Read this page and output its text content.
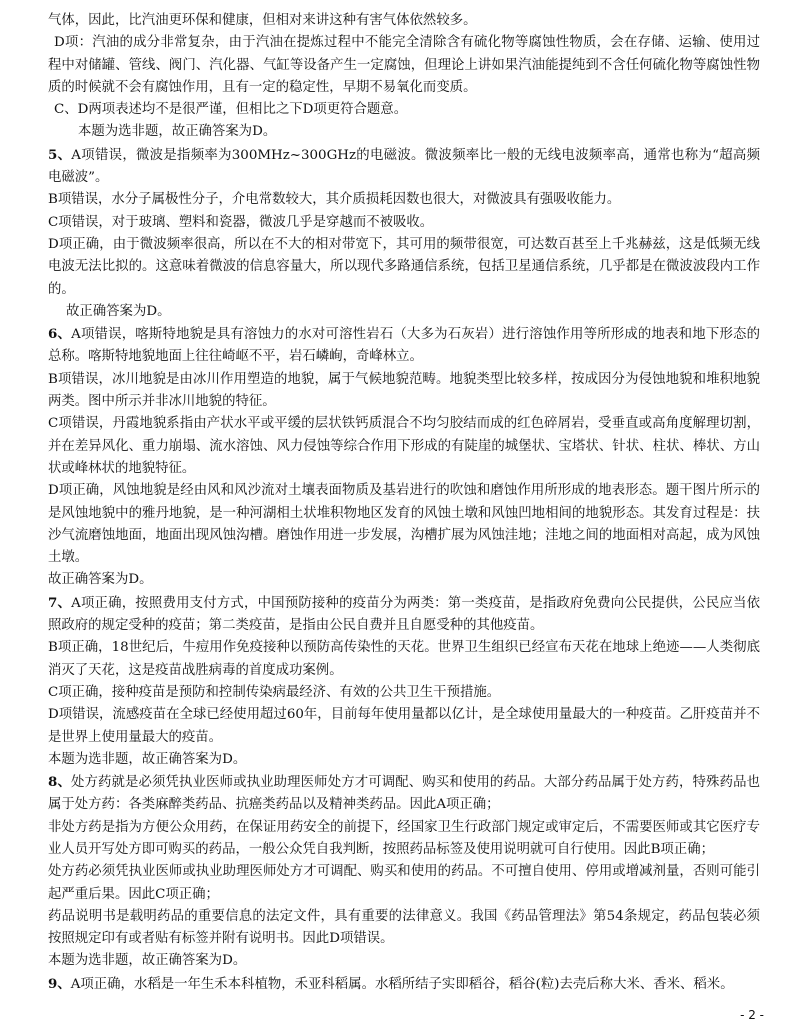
气体，因此，比汽油更环保和健康，但相对来讲这种有害气体依然较多。

D项：汽油的成分非常复杂，由于汽油在提炼过程中不能完全清除含有硫化物等腐蚀性物质，会在存储、运输、使用过程中对储罐、管线、阀门、汽化器、气缸等设备产生一定腐蚀，但理论上讲如果汽油能提纯到不含任何硫化物等腐蚀性物质的时候就不会有腐蚀作用，且有一定的稳定性，早期不易氧化而变质。

C、D两项表述均不是很严谨，但相比之下D项更符合题意。

本题为选非题，故正确答案为D。

5、A项错误，微波是指频率为300MHz~300GHz的电磁波。微波频率比一般的无线电波频率高，通常也称为“超高频电磁波”。

B项错误，水分子属极性分子，介电常数较大，其介质损耗因数也很大，对微波具有强吸收能力。

C项错误，对于玻璃、塑料和瓷器，微波几乎是穿越而不被吸收。

D项正确，由于微波频率很高，所以在不大的相对带宽下，其可用的频带很宽，可达数百甚至上千兆赫兹，这是低频无线电波无法比拟的。这意味着微波的信息容量大，所以现代多路通信系统，包括卫星通信系统，几乎都是在微波波段内工作的。

故正确答案为D。

6、A项错误，喀斯特地貌是具有溶蚀力的水对可溶性岩石（大多为石灰岩）进行溶蚀作用等所形成的地表和地下形态的总称。喀斯特地貌地面上往往崎岖不平，岩石嶙峋，奇峰林立。

B项错误，冰川地貌是由冰川作用塑造的地貌，属于气候地貌范畴。地貌类型比较多样，按成因分为侵蚀地貌和堆积地貌两类。图中所示并非冰川地貌的特征。

C项错误，丹霞地貌系指由产状水平或平缓的层状铁钙质混合不均匀胶结而成的红色碎屑岩，受垂直或高角度解理切割，并在差异风化、重力崩塌、流水溶蚀、风力侵蚀等综合作用下形成的有陡崖的城堡状、宝塔状、针状、柱状、棒状、方山状或峰林状的地貌特征。

D项正确，风蚀地貌是经由风和风沙流对土壤表面物质及基岩进行的吹蚀和磨蚀作用所形成的地表形态。题干图片所示的是风蚀地貌中的雅丹地貌，是一种河湖相土状堆积物地区发育的风蚀土墩和风蚀凹地相间的地貌形态。其发育过程是：扶沙气流磨蚀地面，地面出现风蚀沟槽。磨蚀作用进一步发展，沟槽扩展为风蚀洼地；洼地之间的地面相对高起，成为风蚀土墩。

故正确答案为D。

7、A项正确，按照费用支付方式，中国预防接种的疫苗分为两类：第一类疫苗，是指政府免费向公民提供，公民应当依照政府的规定受种的疫苗；第二类疫苗，是指由公民自费并且自愿受种的其他疫苗。

B项正确，18世纪后，牛痘用作免疫接种以预防高传染性的天花。世界卫生组织已经宣布天花在地球上绝迹——人类彻底消灭了天花，这是疫苗战胜病毒的首度成功案例。

C项正确，接种疫苗是预防和控制传染病最经济、有效的公共卫生干预措施。

D项错误，流感疫苗在全球已经使用超过60年，目前每年使用量都以亿计，是全球使用量最大的一种疫苗。乙肝疫苗并不是世界上使用量最大的疫苗。

本题为选非题，故正确答案为D。

8、处方药就是必须凭执业医师或执业助理医师处方才可调配、购买和使用的药品。大部分药品属于处方药，特殊药品也属于处方药：各类麻醉类药品、抗癌类药品以及精神类药品。因此A项正确；

非处方药是指为方便公众用药，在保证用药安全的前提下，经国家卫生行政部门规定或审定后，不需要医师或其它医疗专业人员开写处方即可购买的药品，一般公众凭自我判断，按照药品标签及使用说明就可自行使用。因此B项正确；

处方药必须凭执业医师或执业助理医师处方才可调配、购买和使用的药品。不可擅自使用、停用或增减剂量，否则可能引起严重后果。因此C项正确；

药品说明书是载明药品的重要信息的法定文件，具有重要的法律意义。我国《药品管理法》第54条规定，药品包装必须按照规定印有或者贴有标签并附有说明书。因此D项错误。

本题为选非题，故正确答案为D。

9、A项正确，水稻是一年生禾本科植物，禾亚科稻属。水稻所结子实即稻谷，稻谷(粒)去壳后称大米、香米、稻米。

- 2 -
